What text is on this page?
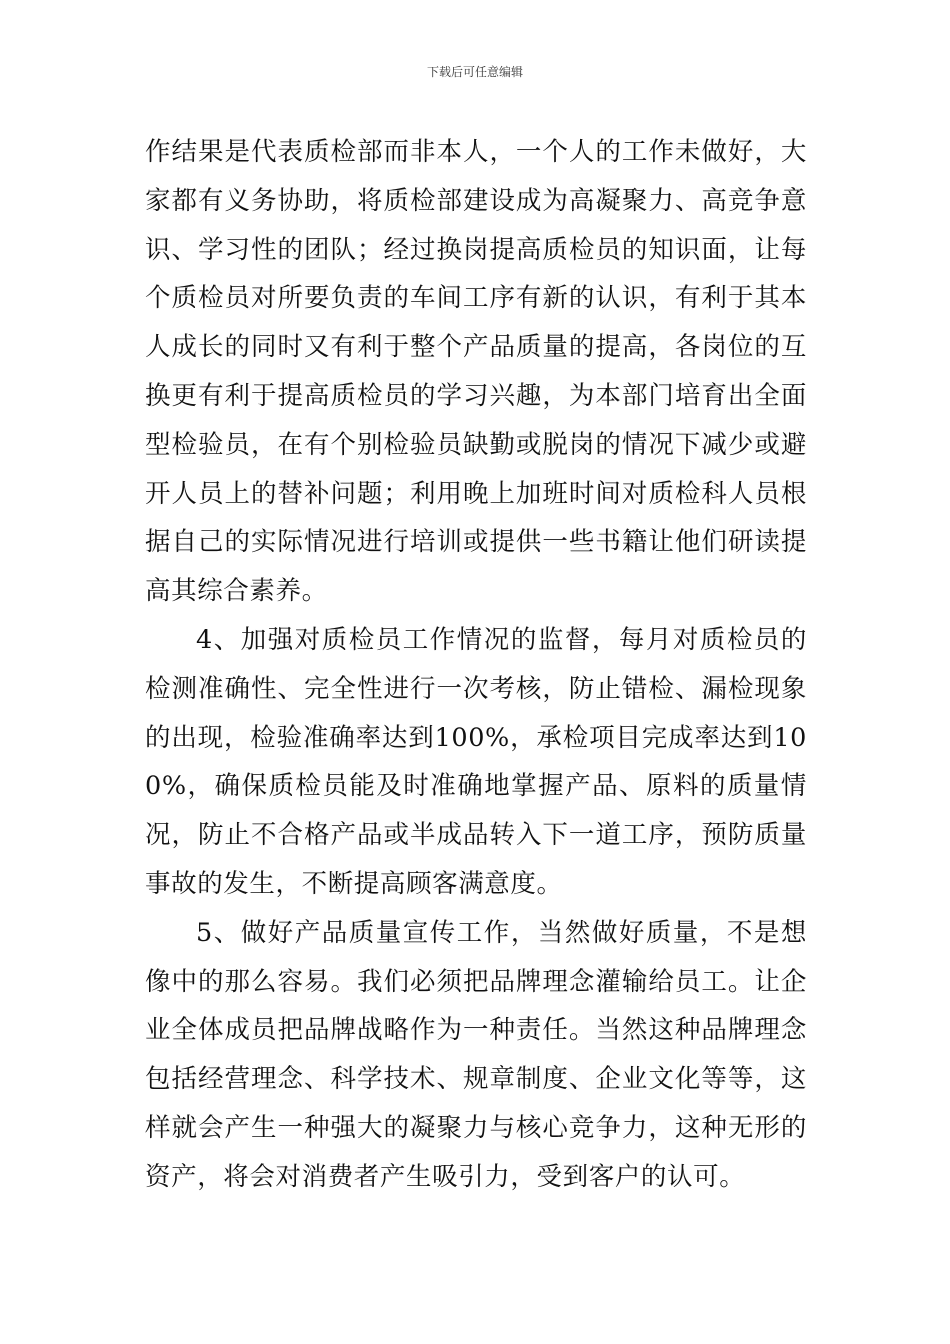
下载后可任意编辑

作结果是代表质检部而非本人，一个人的工作未做好，大家都有义务协助，将质检部建设成为高凝聚力、高竞争意识、学习性的团队；经过换岗提高质检员的知识面，让每个质检员对所要负责的车间工序有新的认识，有利于其本人成长的同时又有利于整个产品质量的提高，各岗位的互换更有利于提高质检员的学习兴趣，为本部门培育出全面型检验员，在有个别检验员缺勤或脱岗的情况下减少或避开人员上的替补问题；利用晚上加班时间对质检科人员根据自己的实际情况进行培训或提供一些书籍让他们研读提高其综合素养。

4、加强对质检员工作情况的监督，每月对质检员的检测准确性、完全性进行一次考核，防止错检、漏检现象的出现，检验准确率达到100%，承检项目完成率达到100%，确保质检员能及时准确地掌握产品、原料的质量情况，防止不合格产品或半成品转入下一道工序，预防质量事故的发生，不断提高顾客满意度。

5、做好产品质量宣传工作，当然做好质量，不是想像中的那么容易。我们必须把品牌理念灌输给员工。让企业全体成员把品牌战略作为一种责任。当然这种品牌理念包括经营理念、科学技术、规章制度、企业文化等等，这样就会产生一种强大的凝聚力与核心竞争力，这种无形的资产，将会对消费者产生吸引力，受到客户的认可。
